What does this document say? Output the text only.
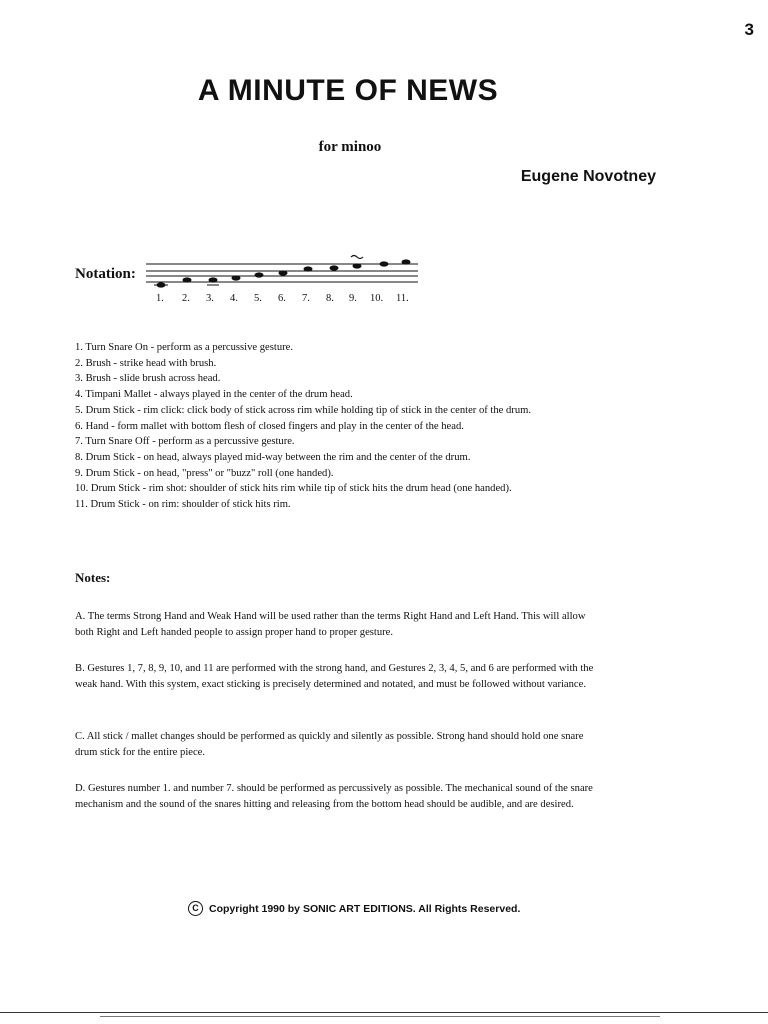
3
A MINUTE OF NEWS
for minoo
Eugene Novotney
Notation:
1. 2. 3. 4. 5. 6. 7. 8. 9. 10. 11.
1. Turn Snare On - perform as a percussive gesture.
2. Brush - strike head with brush.
3. Brush - slide brush across head.
4. Timpani Mallet - always played in the center of the drum head.
5. Drum Stick - rim click: click body of stick across rim while holding tip of stick in the center of the drum.
6. Hand - form mallet with bottom flesh of closed fingers and play in the center of the head.
7. Turn Snare Off - perform as a percussive gesture.
8. Drum Stick - on head, always played mid-way between the rim and the center of the drum.
9. Drum Stick - on head, "press" or "buzz" roll (one handed).
10. Drum Stick - rim shot: shoulder of stick hits rim while tip of stick hits the drum head (one handed).
11. Drum Stick - on rim: shoulder of stick hits rim.
Notes:

A. The terms Strong Hand and Weak Hand will be used rather than the terms Right Hand and Left Hand. This will allow both Right and Left handed people to assign proper hand to proper gesture.

B. Gestures 1, 7, 8, 9, 10, and 11 are performed with the strong hand, and Gestures 2, 3, 4, 5, and 6 are performed with the weak hand. With this system, exact sticking is precisely determined and notated, and must be followed without variance.

C. All stick / mallet changes should be performed as quickly and silently as possible. Strong hand should hold one snare drum stick for the entire piece.

D. Gestures number 1. and number 7. should be performed as percussively as possible. The mechanical sound of the snare mechanism and the sound of the snares hitting and releasing from the bottom head should be audible, and are desired.

C Copyright 1990 by SONIC ART EDITIONS. All Rights Reserved.
